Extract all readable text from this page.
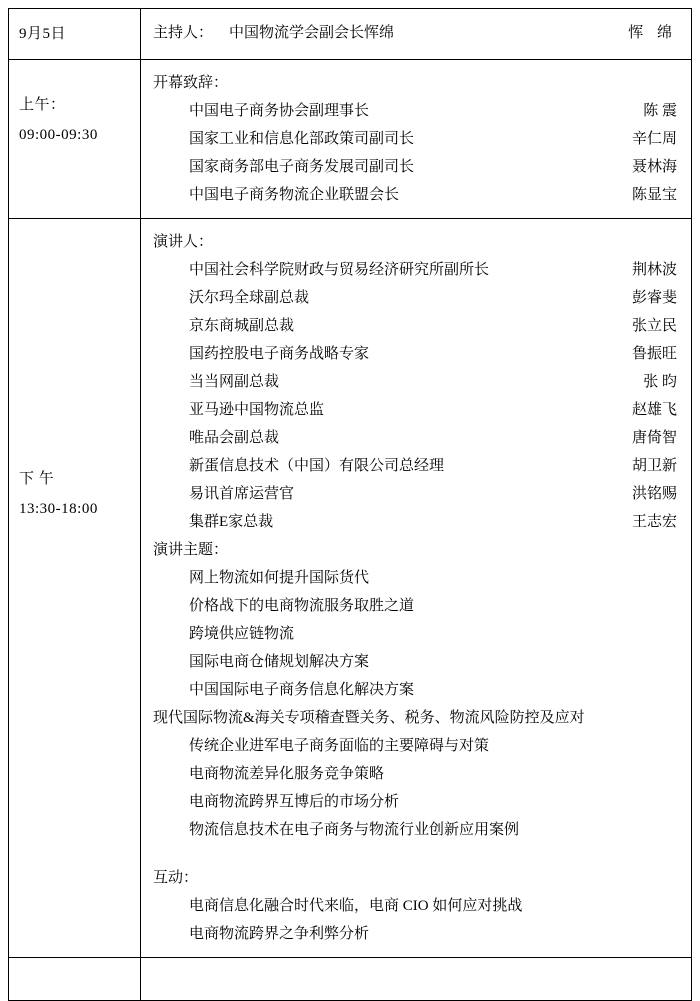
9月5日	主持人： 中国物流学会副会长恽绵 恽 绵

上午：
09:00-09:30

开幕致辞：
中国电子商务协会副理事长	陈 震
国家工业和信息化部政策司副司长	辛仁周
国家商务部电子商务发展司副司长	聂林海
中国电子商务物流企业联盟会长	陈显宝

下 午
13:30-18:00

演讲人：
中国社会科学院财政与贸易经济研究所副所长	荆林波
沃尔玛全球副总裁	彭睿斐
京东商城副总裁	张立民
国药控股电子商务战略专家	鲁振旺
当当网副总裁	张 昀
亚马逊中国物流总监	赵雄飞
唯品会副总裁	唐倚智
新蛋信息技术（中国）有限公司总经理	胡卫新
易讯首席运营官	洪铭赐
集群E家总裁	王志宏
演讲主题：
网上物流如何提升国际货代
价格战下的电商物流服务取胜之道
跨境供应链物流
国际电商仓储规划解决方案
中国国际电子商务信息化解决方案
现代国际物流&海关专项稽查暨关务、税务、物流风险防控及应对
传统企业进军电子商务面临的主要障碍与对策
电商物流差异化服务竞争策略
电商物流跨界互博后的市场分析
物流信息技术在电子商务与物流行业创新应用案例
互动：
电商信息化融合时代来临，电商 CIO 如何应对挑战
电商物流跨界之争利弊分析
